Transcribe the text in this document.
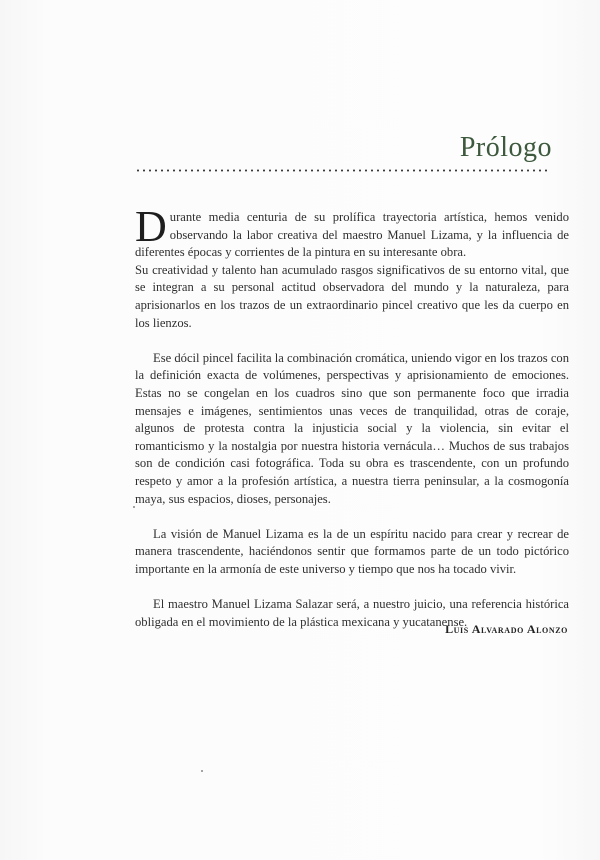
Prólogo

Durante media centuria de su prolífica trayectoria artística, hemos venido observando la labor creativa del maestro Manuel Lizama, y la influencia de diferentes épocas y corrientes de la pintura en su interesante obra.

Su creatividad y talento han acumulado rasgos significativos de su entorno vital, que se integran a su personal actitud observadora del mundo y la naturaleza, para aprisionarlos en los trazos de un extraordinario pincel creativo que les da cuerpo en los lienzos.

Ese dócil pincel facilita la combinación cromática, uniendo vigor en los trazos con la definición exacta de volúmenes, perspectivas y aprisionamiento de emociones. Estas no se congelan en los cuadros sino que son permanente foco que irradia mensajes e imágenes, sentimientos unas veces de tranquilidad, otras de coraje, algunos de protesta contra la injusticia social y la violencia, sin evitar el romanticismo y la nostalgia por nuestra historia vernácula… Muchos de sus trabajos son de condición casi fotográfica. Toda su obra es trascendente, con un profundo respeto y amor a la profesión artística, a nuestra tierra peninsular, a la cosmogonía maya, sus espacios, dioses, personajes.

La visión de Manuel Lizama es la de un espíritu nacido para crear y recrear de manera trascendente, haciéndonos sentir que formamos parte de un todo pictórico importante en la armonía de este universo y tiempo que nos ha tocado vivir.

El maestro Manuel Lizama Salazar será, a nuestro juicio, una referencia histórica obligada en el movimiento de la plástica mexicana y yucatanense.

Luis Alvarado Alonzo
